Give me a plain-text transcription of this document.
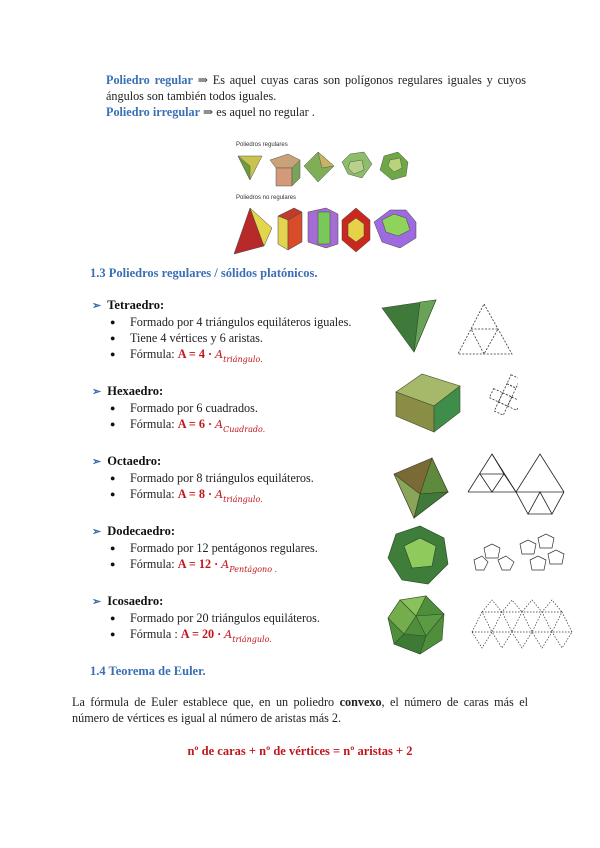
Poliedro regular ⇒ Es aquel cuyas caras son polígonos regulares iguales y cuyos ángulos son también todos iguales.
Poliedro irregular ⇒ es aquel no regular .
Poliedros regulares
Poliedros no regulares
1.3 Poliedros regulares / sólidos platónicos.
➢ Tetraedro:
● Formado por 4 triángulos equiláteros iguales.
● Tiene 4 vértices y 6 aristas.
● Fórmula: $A = 4 \cdot A_{triángulo.}$
➢ Hexaedro:
● Formado por 6 cuadrados.
● Fórmula: $A = 6 \cdot A_{Cuadrado.}$
➢ Octaedro:
● Formado por 8 triángulos equiláteros.
● Fórmula: $A = 8 \cdot A_{triángulo.}$
➢ Dodecaedro:
● Formado por 12 pentágonos regulares.
● Fórmula: $A = 12 \cdot A_{Pentágono .}$
➢ Icosaedro:
● Formado por 20 triángulos equiláteros.
● Fórmula : $A = 20 \cdot A_{triángulo.}$
1.4 Teorema de Euler.
La fórmula de Euler establece que, en un poliedro convexo, el número de caras más el número de vértices es igual al número de aristas más 2.
nº de caras + nº de vértices = nº aristas + 2
